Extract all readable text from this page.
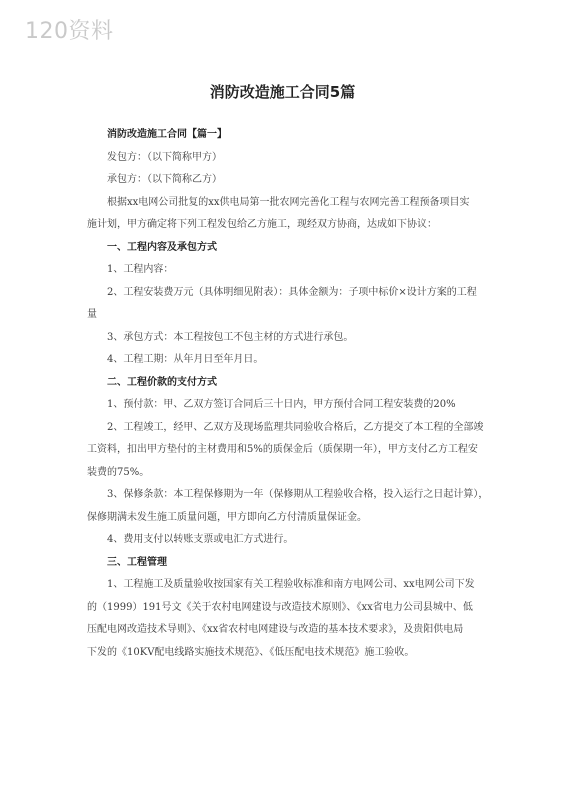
120资料
消防改造施工合同5篇
消防改造施工合同【篇一】
发包方：（以下简称甲方）
承包方：（以下简称乙方）
根据xx电网公司批复的xx供电局第一批农网完善化工程与农网完善工程预备项目实
施计划，甲方确定将下列工程发包给乙方施工，现经双方协商，达成如下协议：
一、工程内容及承包方式
1、工程内容：
2、工程安装费万元（具体明细见附表）：具体金额为：子项中标价×设计方案的工程
量
3、承包方式：本工程按包工不包主材的方式进行承包。
4、工程工期：从年月日至年月日。
二、工程价款的支付方式
1、预付款：甲、乙双方签订合同后三十日内，甲方预付合同工程安装费的20%
2、工程竣工，经甲、乙双方及现场监理共同验收合格后，乙方提交了本工程的全部竣
工资料，扣出甲方垫付的主材费用和5%的质保金后（质保期一年），甲方支付乙方工程安
装费的75%。
3、保修条款：本工程保修期为一年（保修期从工程验收合格，投入运行之日起计算），
保修期满未发生施工质量问题，甲方即向乙方付清质量保证金。
4、费用支付以转账支票或电汇方式进行。
三、工程管理
1、工程施工及质量验收按国家有关工程验收标准和南方电网公司、xx电网公司下发
的（1999）191号文《关于农村电网建设与改造技术原则》、《xx省电力公司县城中、低
压配电网改造技术导则》、《xx省农村电网建设与改造的基本技术要求》，及贵阳供电局
下发的《10KV配电线路实施技术规范》、《低压配电技术规范》施工验收。
